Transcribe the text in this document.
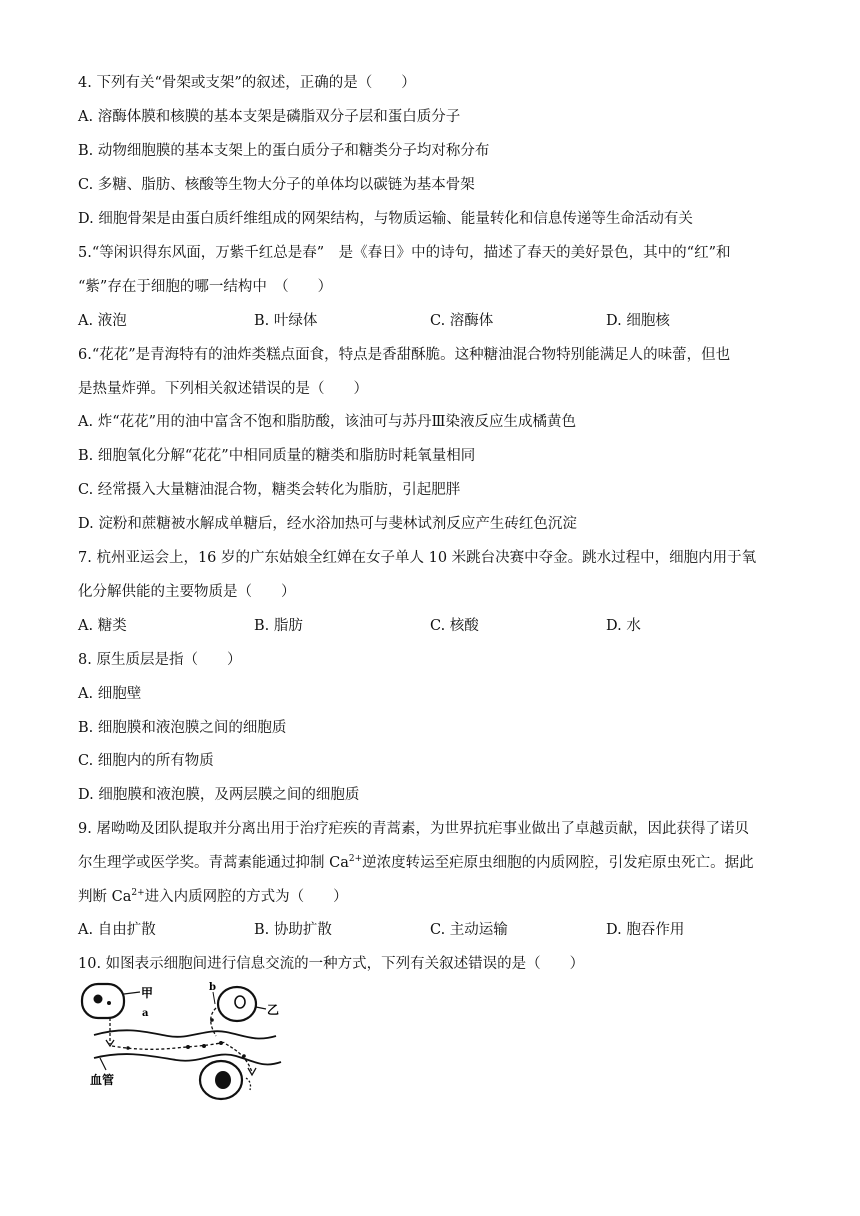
4. 下列有关“骨架或支架”的叙述，正确的是（　　）
A. 溶酶体膜和核膜的基本支架是磷脂双分子层和蛋白质分子
B. 动物细胞膜的基本支架上的蛋白质分子和糖类分子均对称分布
C. 多糖、脂肪、核酸等生物大分子的单体均以碳链为基本骨架
D. 细胞骨架是由蛋白质纤维组成的网架结构，与物质运输、能量转化和信息传递等生命活动有关
5.“等闲识得东风面，万紫千红总是春”　是《春日》中的诗句，描述了春天的美好景色，其中的“红”和
“紫”存在于细胞的哪一结构中　（　　）
A. 液泡	B. 叶绿体	C. 溶酶体	D. 细胞核
6.“花花”是青海特有的油炸类糕点面食，特点是香甜酥脆。这种糖油混合物特别能满足人的味蕾，但也
是热量炸弹。下列相关叙述错误的是（　　）
A. 炸“花花”用的油中富含不饱和脂肪酸，该油可与苏丹Ⅲ染液反应生成橘黄色
B. 细胞氧化分解“花花”中相同质量的糖类和脂肪时耗氧量相同
C. 经常摄入大量糖油混合物，糖类会转化为脂肪，引起肥胖
D. 淀粉和蔗糖被水解成单糖后，经水浴加热可与斐林试剂反应产生砖红色沉淀
7. 杭州亚运会上，16 岁的广东姑娘全红婵在女子单人 10 米跳台决赛中夺金。跳水过程中，细胞内用于氧
化分解供能的主要物质是（　　）
A. 糖类	B. 脂肪	C. 核酸	D. 水
8. 原生质层是指（　　）
A. 细胞壁
B. 细胞膜和液泡膜之间的细胞质
C. 细胞内的所有物质
D. 细胞膜和液泡膜，及两层膜之间的细胞质
9. 屠呦呦及团队提取并分离出用于治疗疟疾的青蒿素，为世界抗疟事业做出了卓越贡献，因此获得了诺贝
尔生理学或医学奖。青蒿素能通过抑制 $Ca^{2+}$逆浓度转运至疟原虫细胞的内质网腔，引发疟原虫死亡。据此
判断 $Ca^{2+}$进入内质网腔的方式为（　　）
A. 自由扩散	B. 协助扩散	C. 主动运输	D. 胞吞作用
10. 如图表示细胞间进行信息交流的一种方式，下列有关叙述错误的是（　　）
甲
乙
b
a
血管
